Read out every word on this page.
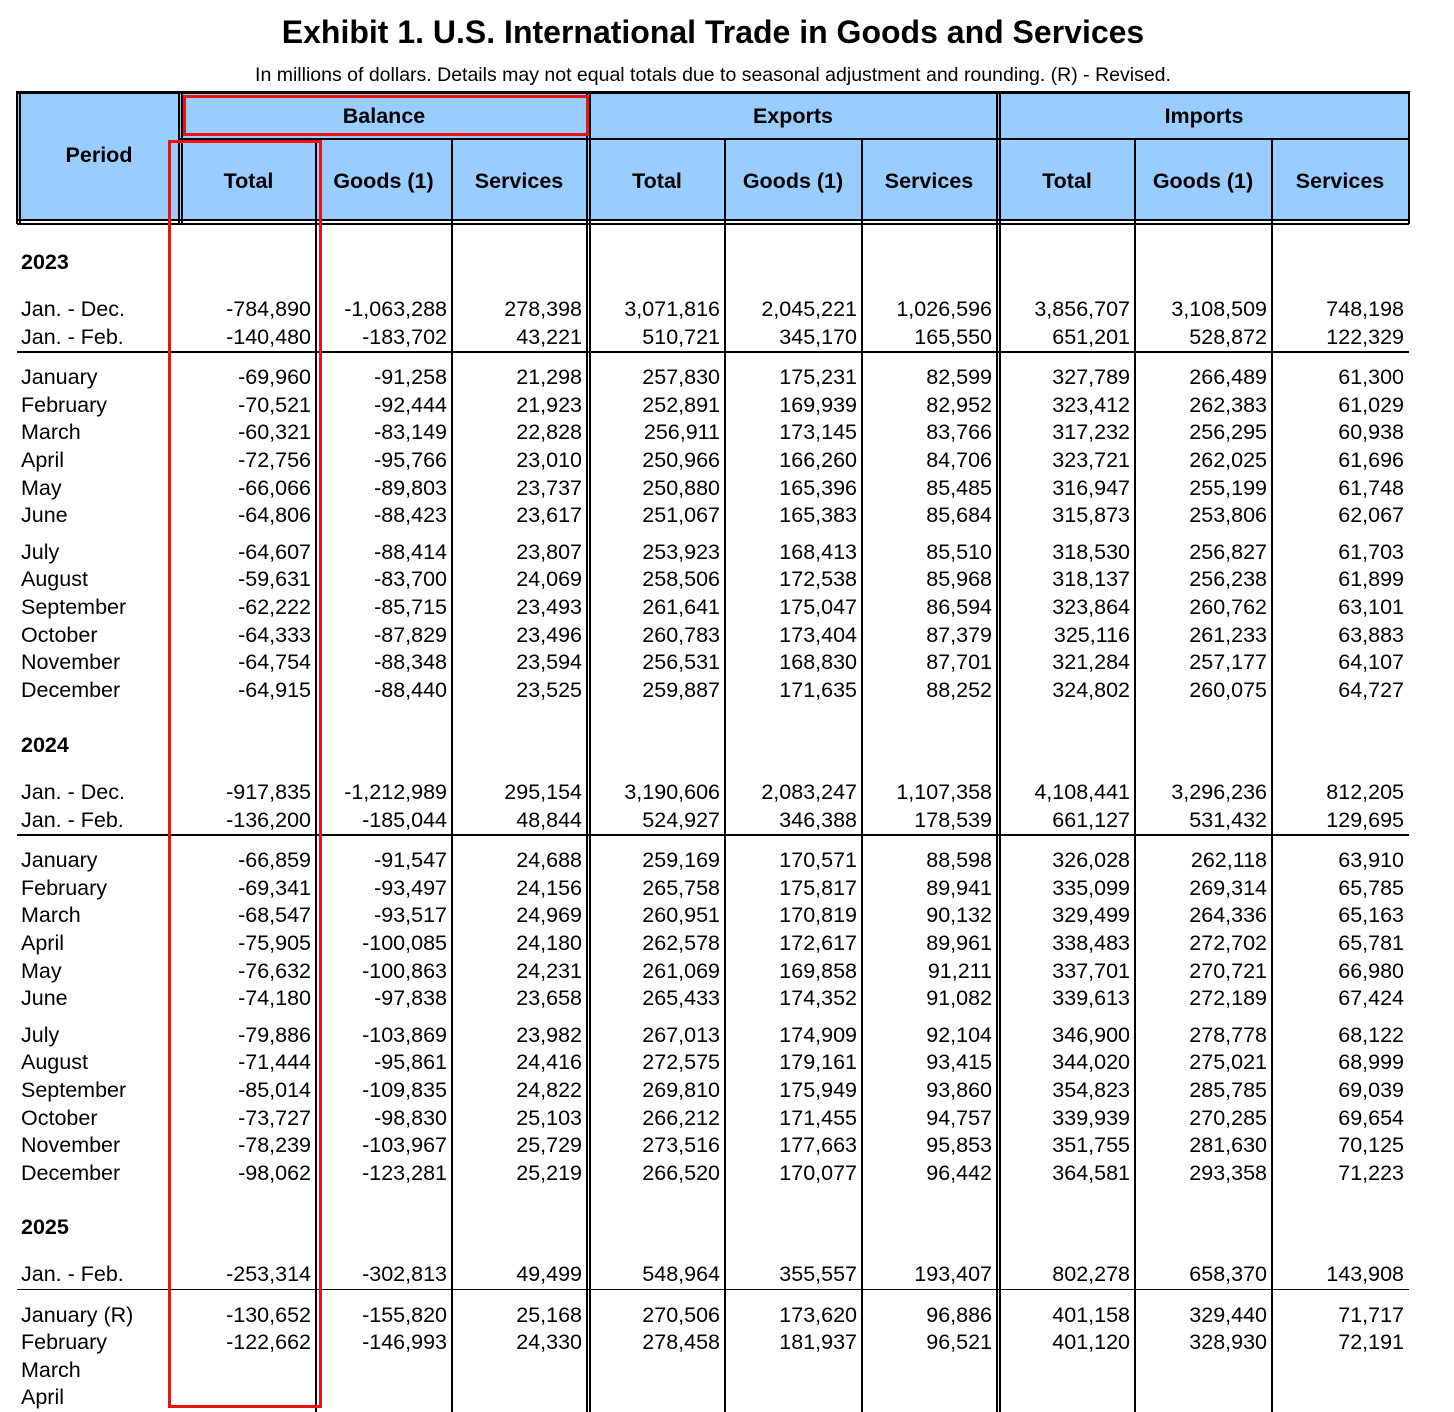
Exhibit 1. U.S. International Trade in Goods and Services
In millions of dollars. Details may not equal totals due to seasonal adjustment and rounding. (R) - Revised.
Period
Balance	Exports	Imports
Total	Goods (1)	Services	Total	Goods (1)	Services	Total	Goods (1)	Services
2023
Jan. - Dec.	-784,890 -1,063,288	278,398 3,071,816 2,045,221 1,026,596 3,856,707 3,108,509	748,198
Jan. - Feb.	-140,480 -183,702	43,221	510,721	345,170	165,550	651,201	528,872	122,329
January	-69,960	-91,258	21,298	257,830	175,231	82,599	327,789	266,489	61,300
February	-70,521	-92,444	21,923	252,891	169,939	82,952	323,412	262,383	61,029
March	-60,321	-83,149	22,828	256,911	173,145	83,766	317,232	256,295	60,938
April	-72,756	-95,766	23,010	250,966	166,260	84,706	323,721	262,025	61,696
May	-66,066	-89,803	23,737	250,880	165,396	85,485	316,947	255,199	61,748
June	-64,806	-88,423	23,617	251,067	165,383	85,684	315,873	253,806	62,067
July	-64,607	-88,414	23,807	253,923	168,413	85,510	318,530	256,827	61,703
August	-59,631	-83,700	24,069	258,506	172,538	85,968	318,137	256,238	61,899
September	-62,222	-85,715	23,493	261,641	175,047	86,594	323,864	260,762	63,101
October	-64,333	-87,829	23,496	260,783	173,404	87,379	325,116	261,233	63,883
November	-64,754	-88,348	23,594	256,531	168,830	87,701	321,284	257,177	64,107
December	-64,915	-88,440	23,525	259,887	171,635	88,252	324,802	260,075	64,727
2024
Jan. - Dec.	-917,835 -1,212,989	295,154 3,190,606 2,083,247 1,107,358 4,108,441 3,296,236	812,205
Jan. - Feb.	-136,200 -185,044	48,844	524,927	346,388	178,539	661,127	531,432	129,695
January	-66,859	-91,547	24,688	259,169	170,571	88,598	326,028	262,118	63,910
February	-69,341	-93,497	24,156	265,758	175,817	89,941	335,099	269,314	65,785
March	-68,547	-93,517	24,969	260,951	170,819	90,132	329,499	264,336	65,163
April	-75,905 -100,085	24,180	262,578	172,617	89,961	338,483	272,702	65,781
May	-76,632 -100,863	24,231	261,069	169,858	91,211	337,701	270,721	66,980
June	-74,180	-97,838	23,658	265,433	174,352	91,082	339,613	272,189	67,424
July	-79,886 -103,869	23,982	267,013	174,909	92,104	346,900	278,778	68,122
August	-71,444	-95,861	24,416	272,575	179,161	93,415	344,020	275,021	68,999
September	-85,014 -109,835	24,822	269,810	175,949	93,860	354,823	285,785	69,039
October	-73,727	-98,830	25,103	266,212	171,455	94,757	339,939	270,285	69,654
November	-78,239 -103,967	25,729	273,516	177,663	95,853	351,755	281,630	70,125
December	-98,062 -123,281	25,219	266,520	170,077	96,442	364,581	293,358	71,223
2025
Jan. - Feb.	-253,314 -302,813	49,499	548,964	355,557	193,407	802,278	658,370	143,908
January (R)	-130,652 -155,820	25,168	270,506	173,620	96,886	401,158	329,440	71,717
February	-122,662 -146,993	24,330	278,458	181,937	96,521	401,120	328,930	72,191
March
April
